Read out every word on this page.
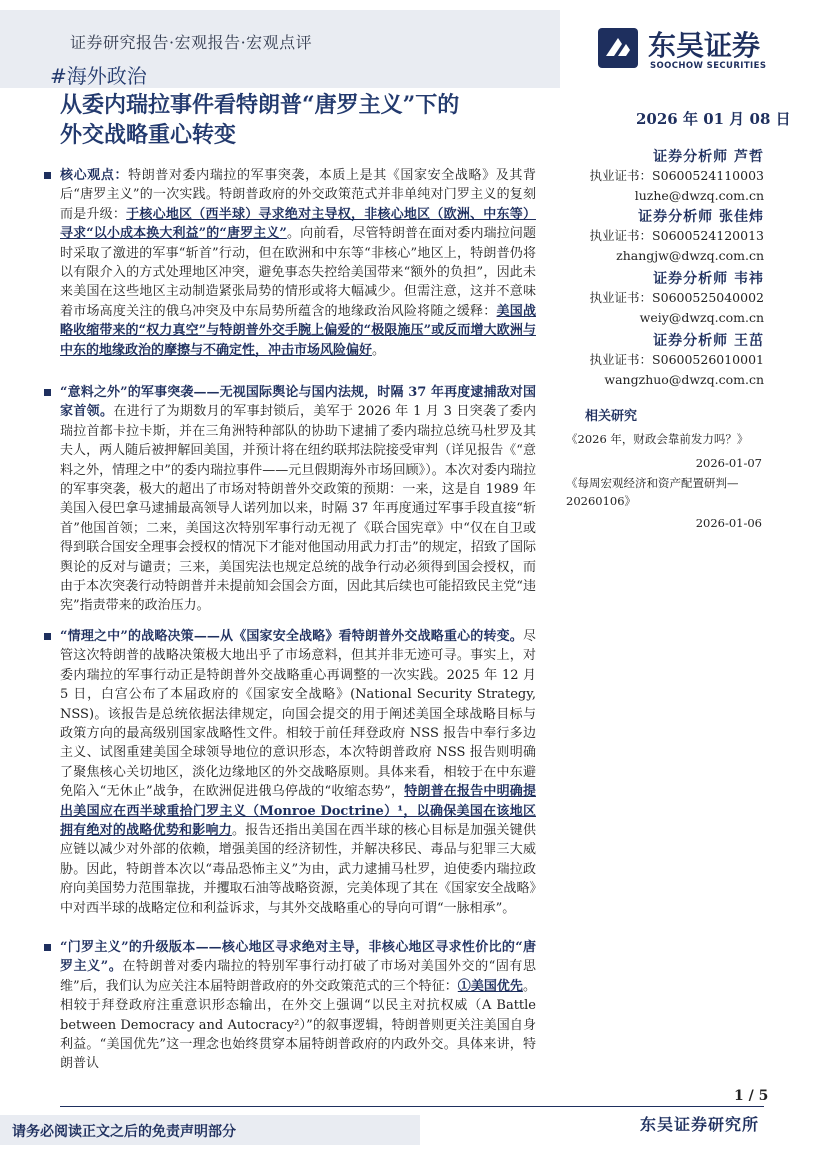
证券研究报告·宏观报告·宏观点评
#海外政治
东吴证券
SOOCHOW SECURITIES
从委内瑞拉事件看特朗普“唐罗主义”下的
外交战略重心转变
2026 年 01 月 08 日
证券分析师 芦哲
执业证书：S0600524110003
luzhe@dwzq.com.cn
证券分析师 张佳炜
执业证书：S0600524120013
zhangjw@dwzq.com.cn
证券分析师 韦祎
执业证书：S0600525040002
weiy@dwzq.com.cn
证券分析师 王茁
执业证书：S0600526010001
wangzhuo@dwzq.com.cn
相关研究
《2026 年，财政会靠前发力吗？》
2026-01-07
《每周宏观经济和资产配置研判—20260106》
2026-01-06
核心观点：特朗普对委内瑞拉的军事突袭，本质上是其《国家安全战略》及其背后“唐罗主义”的一次实践。特朗普政府的外交政策范式并非单纯对门罗主义的复刻而是升级：于核心地区（西半球）寻求绝对主导权，非核心地区（欧洲、中东等）寻求“以小成本换大利益”的“唐罗主义”。向前看，尽管特朗普在面对委内瑞拉问题时采取了激进的军事“斩首”行动，但在欧洲和中东等“非核心”地区上，特朗普仍将以有限介入的方式处理地区冲突，避免事态失控给美国带来“额外的负担”，因此未来美国在这些地区主动制造紧张局势的情形或将大幅减少。但需注意，这并不意味着市场高度关注的俄乌冲突及中东局势所蕴含的地缘政治风险将随之缓释：美国战略收缩带来的“权力真空”与特朗普外交手腕上偏爱的“极限施压”或反而增大欧洲与中东的地缘政治的摩擦与不确定性，冲击市场风险偏好。
“意料之外”的军事突袭——无视国际舆论与国内法规，时隔 37 年再度逮捕敌对国家首领。在进行了为期数月的军事封锁后，美军于 2026 年 1 月 3 日突袭了委内瑞拉首都卡拉卡斯，并在三角洲特种部队的协助下逮捕了委内瑞拉总统马杜罗及其夫人，两人随后被押解回美国，并预计将在纽约联邦法院接受审判（详见报告《“意料之外，情理之中”的委内瑞拉事件——元旦假期海外市场回顾》）。本次对委内瑞拉的军事突袭，极大的超出了市场对特朗普外交政策的预期：一来，这是自 1989 年美国入侵巴拿马逮捕最高领导人诺列加以来，时隔 37 年再度通过军事手段直接“斩首”他国首领；二来，美国这次特别军事行动无视了《联合国宪章》中“仅在自卫或得到联合国安全理事会授权的情况下才能对他国动用武力打击”的规定，招致了国际舆论的反对与谴责；三来，美国宪法也规定总统的战争行动必须得到国会授权，而由于本次突袭行动特朗普并未提前知会国会方面，因此其后续也可能招致民主党“违宪”指责带来的政治压力。
“情理之中”的战略决策——从《国家安全战略》看特朗普外交战略重心的转变。尽管这次特朗普的战略决策极大地出乎了市场意料，但其并非无迹可寻。事实上，对委内瑞拉的军事行动正是特朗普外交战略重心再调整的一次实践。2025 年 12 月 5 日，白宫公布了本届政府的《国家安全战略》(National Security Strategy, NSS)。该报告是总统依据法律规定，向国会提交的用于阐述美国全球战略目标与政策方向的最高级别国家战略性文件。相较于前任拜登政府 NSS 报告中奉行多边主义、试图重建美国全球领导地位的意识形态，本次特朗普政府 NSS 报告则明确了聚焦核心关切地区，淡化边缘地区的外交战略原则。具体来看，相较于在中东避免陷入“无休止”战争，在欧洲促进俄乌停战的“收缩态势”，特朗普在报告中明确提出美国应在西半球重拾门罗主义（Monroe Doctrine）¹，以确保美国在该地区拥有绝对的战略优势和影响力。报告还指出美国在西半球的核心目标是加强关键供应链以减少对外部的依赖，增强美国的经济韧性，并解决移民、毒品与犯罪三大威胁。因此，特朗普本次以“毒品恐怖主义”为由，武力逮捕马杜罗，迫使委内瑞拉政府向美国势力范围靠拢，并攫取石油等战略资源，完美体现了其在《国家安全战略》中对西半球的战略定位和利益诉求，与其外交战略重心的导向可谓“一脉相承”。
“门罗主义”的升级版本——核心地区寻求绝对主导，非核心地区寻求性价比的“唐罗主义”。在特朗普对委内瑞拉的特别军事行动打破了市场对美国外交的“固有思维”后，我们认为应关注本届特朗普政府的外交政策范式的三个特征：①美国优先。相较于拜登政府注重意识形态输出，在外交上强调“以民主对抗权威（A Battle between Democracy and Autocracy²）”的叙事逻辑，特朗普则更关注美国自身利益。“美国优先”这一理念也始终贯穿本届特朗普政府的内政外交。具体来讲，特朗普认
1 / 5
请务必阅读正文之后的免责声明部分	东吴证券研究所
